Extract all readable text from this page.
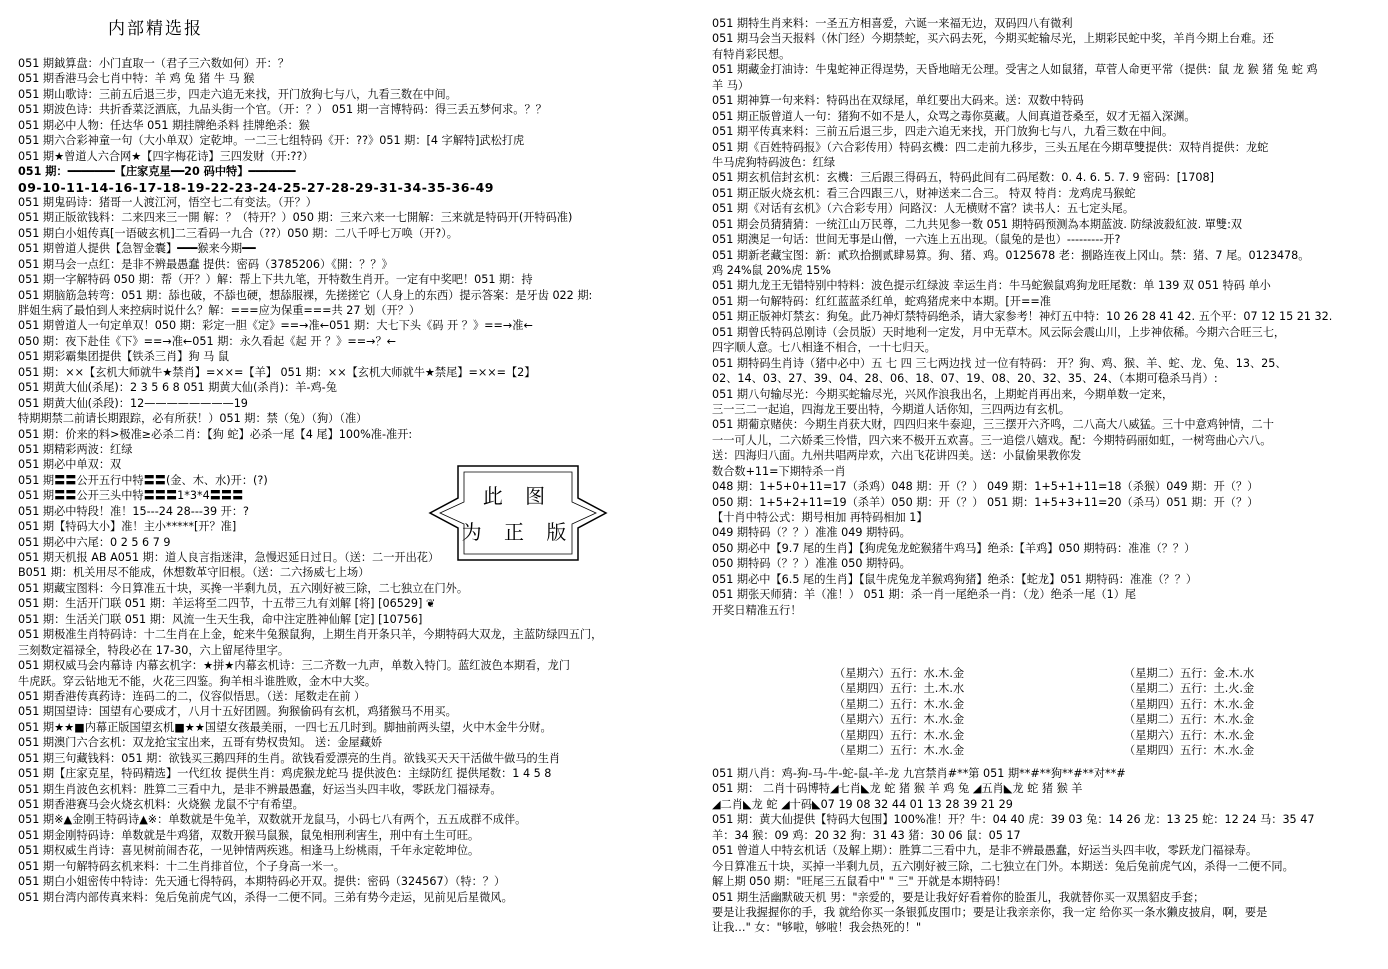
内部精选报
051 期鉞算盘：小门直取一（君子三六数如何）开：？
051 期香港马会七肖中特：羊 鸡 兔 猪 牛 马 猴
051 期山歌诗：三前五后退三步，四走六追无来找，开门放狗七与八，九看三数在中间。
051 期波色诗：共折香菜泛酒底，九品头街一个官。（开：？） 051 期一言博特码：得三丢五梦何求。？？
051 期必中人物：任达华 051 期挂牌绝杀料 挂牌绝杀：猴
051 期六合彩神童一句（大小单双）定乾坤。一二三七组特码《开：??》051 期：[4 字解特]武松打虎
051 期★曾道人六合网★【四字梅花诗】三四发财（开:??）
051 期：━━━━━━━【庄家克星━━20 码中特】━━━━━━━
09-10-11-14-16-17-18-19-22-23-24-25-27-28-29-31-34-35-36-49
051 期鬼码诗：猪哥一人渡江河，悟空七二有变法。（开？）
051 期正版欲钱料：二来四来三一開 解：？（特开？）050 期：三来六来一七開解：三来就是特码开(开特码准)
051 期白小姐传真[一语破玄机]二三看码一九合（??）050 期：二八千呼七万唤（开?）。
051 期曾道人提供【急智金囊】━━━猴来今期━━
051 期马会一点红：是非不辨最愚蠢 提供：密码（3785206）《開：？？》
051 期一字解特码 050 期：帮（开？）解：帮上下共九笔，开特数生肖开。一定有中奖吧！051 期：持
051 期脑筋急转弯：051 期：舔也破，不舔也硬，想舔服裸，先搓搓它（人身上的东西）提示答案：是牙齿 022 期:
胖姐生病了最怕到人来控病时说什么？解：===应为保重===共 27 划（开？）
051 期曾道人一句定单双！050 期：彩定一胆《定》==→准←051 期：大七下头《码 开 ？》==→准←
050 期：夜下赴佳《下》==→准←051 期：永久看起《起 开 ？》==→？←
051 期彩霸集团提供【铁杀三肖】狗 马 鼠
051 期：××【玄机大师就牛★禁肖】=××=【羊】 051 期：××【玄机大师就牛★禁尾】=××=【2】
051 期黄大仙(杀尾)：2 3 5 6 8 051 期黄大仙(杀肖)：羊-鸡-兔
051 期黄大仙(杀段)：12————————19
特期期禁二前请长期跟踪，必有所获！）051 期：禁（兔）（狗）（准）
051 期：价来的料>极准≥必杀二肖：【狗 蛇】必杀一尾【4 尾】100%准-准开:
051 期精彩两波：红绿
051 期必中单双：双
051 期〓〓公开五行中特〓〓(金、木、水)开：(?)
051 期〓〓公开三头中特〓〓〓1*3*4〓〓〓
051 期必中特段！准！15---24 28---39 开：?
051 期【特码大小】准！主小*****[开？准]
051 期必中六尾：0 2 5 6 7 9
051 期天机报 AB A051 期：道人良言指迷津，急慢迟延日过日。（送：二一开出花）
B051 期：机关用尽不能成，休想数革守旧根。（送：二六扬威七上场）
051 期藏宝图料：今日算准五十块，买搀一半剩九员，五六刚好被三除，二七独立在门外。
051 期：生活开门联 051 期：羊运将至二四节，十五带三九有刘解 [将] [06529] ❦
051 期：生活关门联 051 期：风流一生天生我，命中注定胜神仙解 [定] [10756]
051 期极准生肖特码诗：十二生肖在上金，蛇来牛兔猴鼠狗，上期生肖开条只羊，今期特码大双龙，主蓝防绿四五门，
三刻数定福禄全，特段必在 17-30，六上留尾待里字。
051 期权威马会内幕诗 内幕玄机字：★拼★内幕玄机诗：三二齐数一九声，单数入特门。蓝红波色本期看，龙门
牛虎跃。穿云钻地无不能，火花三四鉴。狗羊相斗谁胜败，金木中大奖。
051 期香港传真药诗：连码二的二，仪容似悟思。（送：尾数走在前 ）
051 期国望诗：国望有心要成才，八月十五好团圆。狗猴偷码有玄机，鸡猪猴马不用买。
051 期★★■内幕正版国望玄机■★★国望女孩最美丽，一四七五几时到。脚抽前两头望，火中木金牛分财。
051 期澳门六合玄机：双龙抢宝宝出来，五哥有势权贵知。 送：金屋藏娇
051 期三句藏钱料：051 期：欲钱买三鹅四拜的生肖。欲钱看爱漂亮的生肖。欲钱买天天干活做牛做马的生肖
051 期【庄家克星，特码精选】一代红妆 提供生肖：鸡虎猴龙蛇马 提供波色：主绿防红 提供尾数：1 4 5 8
051 期生肖波色玄机料：胜算二三看中九，是非不辨最愚蠢，好运当头四丰收，零跃龙门福禄寿。
051 期香港赛马会火烧玄机料：火烧猴 龙鼠不宁有希望。
051 期※▲金刚王特码诗▲※：单数就是牛兔羊，双数就开龙鼠马，小码七八有两个，五五成群不成伴。
051 期金刚特码诗：单数就是牛鸡猪，双数开猴马鼠猴，鼠兔相刑利害生，刑中有土生可旺。
051 期权威生肖诗：喜见树前闹杏花，一见钟情两疾逃。相逢马上纷桃雨，千年永定乾坤位。
051 期一句解特码玄机来料：十二生肖排首位，个子身高一米一。
051 期白小姐密传中特诗：先天通七得特码，本期特码必开双。提供：密码（324567）（特：？）
051 期台湾内部传真来料：兔后兔前虎气凶，杀得一二便不同。三弟有势今走运，见前见后星微风。
此 图
为 正 版
051 期特生肖来料：一圣五方相喜爱，六诞一来福无边，双码四八有微利
051 期马会当天报料（休门经）今期禁蛇，买六码去死，今期买蛇输尽光，上期彩民蛇中奖，羊肖今期上台难。还
有特肖彩民想。
051 期藏金打油诗：牛鬼蛇神正得逞势，天昏地暗无公理。受害之人如鼠猪，草菅人命更平常（提供：鼠 龙 猴 猪 兔 蛇 鸡
羊 马）
051 期神算一句来料：特码出在双绿尾，单红要出大码来。送：双数中特码
051 期正版曾道人一句：猪狗不如不是人，众骂之毒你莫藏。人间真道苍桑至，奴才无福入深渊。
051 期平传真来料：三前五后退三步，四走六追无来找，开门放狗七与八，九看三数在中间。
051 期《百姓特码报》（六合彩传用）特码玄機：四二走前九移步，三头五尾在今期草雙提供：双特肖提供：龙蛇
牛马虎狗特码波色：红绿
051 期玄机信封玄机：玄機：三后跟三得码五，特码此间有二码尾数：0. 4. 6. 5. 7. 9 密码：[1708]
051 期正版火烧玄机：看三合四跟三八，财神送来二合三。 特双 特肖：龙鸡虎马猴蛇
051 期《对话有玄机》（六合彩专用）问路汉：人无横财不富？读书人：五七定头尾。
051 期会员猜猜猜：一统江山万民尊，二九共见参一数 051 期特码预测為本期蓝波. 防绿波殺紅波. 單雙:双
051 期澳足一句话：世间无事是山僧，一六连上五出现。（鼠兔的是也）---------开?
051 期新老藏宝图：新：貳玖拾捌贰肆易算。狗、猪、鸡。0125678 老：捌路连夜上冈山。禁：猪、7 尾。0123478。
鸡 24%鼠 20%虎 15%
051 期九龙王无错特别中特料：波色提示红绿波 幸运生肖：牛马蛇猴鼠鸡狗龙旺尾数：单 139 双 051 特码 单小
051 期一句解特码：红红蓝蓝杀红单，蛇鸡猪虎来中本期。[开==准
051 期正版神灯禁玄：狗兔。此乃神灯禁特码绝杀，请大家参考！神灯五中特：10 26 28 41 42. 五个平：07 12 15 21 32.
051 期曾氏特码总刚诗（会员版）天时地利一定发，月中无草木。风云际会震山川，上步神依稀。今期六合旺三七，
四字顺人意。七八相逢不相合，一十七归天。
051 期特码生肖诗（猪中必中）五 七 四 三七两边找 过一位有特码： 开？狗、鸡、猴、羊、蛇、龙、兔、13、25、
02、14、03、27、39、04、28、06、18、07、19、08、20、32、35、24、（本期可稳杀马肖）:
051 期八句输尽光：今期买蛇输尽光，兴风作浪我出名，上期蛇肖再出来，今期单数一定来，
三一三二一起追，四海龙王要出特，今期道人话你知，三四两边有玄机。
051 期葡京赌侠：今期生肖获大财，四四归来牛泰迎，三三摆开六齐鸣，二八高大八威猛。三十中意鸡钟情，二十
一一可人儿，二六娇柔三怜惜，四六来不极开五欢喜。三一追偿八嬉戏。配：今期特码丽如虹，一树弯曲心六八。
送：四海归八面。九州共唱两岸欢，六出飞花讲四美。送：小鼠偷果教你发
数合数+11=下期特杀一肖
048 期：1+5+0+11=17（杀鸡）048 期：开（？） 049 期：1+5+1+11=18（杀猴）049 期：开（？）
050 期：1+5+2+11=19（杀羊）050 期：开（？） 051 期：1+5+3+11=20（杀马）051 期：开（？）
【十肖中特公式：期号相加 再特码相加 1】
049 期特码（？？）准准 049 期特码。
050 期必中【9.7 尾的生肖】【狗虎兔龙蛇猴猪牛鸡马】绝杀:【羊鸡】050 期特码：准准（？？）
050 期特码（？？）准准 050 期特码。
051 期必中【6.5 尾的生肖】【鼠牛虎兔龙羊猴鸡狗猪】绝杀：【蛇龙】051 期特码：准准（？？）
051 期张天师猜：羊（准！） 051 期：杀一肖一尾绝杀一肖：（龙）绝杀一尾（1）尾
开奖日精准五行！
（星期六）五行：水.木.金	（星期二）五行：金.木.水
（星期四）五行：土.木.水	（星期二）五行：土.火.金
（星期二）五行：木.水.金	（星期四）五行：木.水.金
（星期六）五行：木.水.金	（星期二）五行：木.水.金
（星期四）五行：木.水.金	（星期六）五行：木.水.金
（星期二）五行：木.水.金	（星期四）五行：木.水.金
051 期八肖：鸡-狗-马-牛-蛇-鼠-羊-龙 九宫禁肖#**第 051 期**#**狗**#**对**#
051 期： 二肖十码博特◢七肖◣龙 蛇 猪 猴 羊 鸡 兔 ◢五肖◣龙 蛇 猪 猴 羊
◢二肖◣龙 蛇 ◢十码◣07 19 08 32 44 01 13 28 39 21 29
051 期：黄大仙提供【特码大包围】100%准！开？牛：04 40 虎：39 03 兔：14 26 龙：13 25 蛇：12 24 马：35 47
羊：34 猴：09 鸡：20 32 狗：31 43 猪：30 06 鼠：05 17
051 曾道人中特玄机话（及解上期）：胜算二三看中九，是非不辨最愚蠢，好运当头四丰收，零跃龙门福禄寿。
今日算准五十块，买掉一半剩九员，五六刚好被三除，二七独立在门外。本期送：兔后兔前虎气凶，杀得一二便不同。
解上期 050 期："旺尾三五鼠看中" " 三" 开就是本期特码！
051 期生活幽默破天机 男："亲爱的，要是让我好好看着你的脸蛋儿，我就替你买一双黑貂皮手套；
要是让我握握你的手，我 就给你买一条银狐皮围巾；要是让我亲亲你，我一定 给你买一条水獭皮披肩，啊，要是
让我…" 女："够啦，够啦！我会热死的！"
